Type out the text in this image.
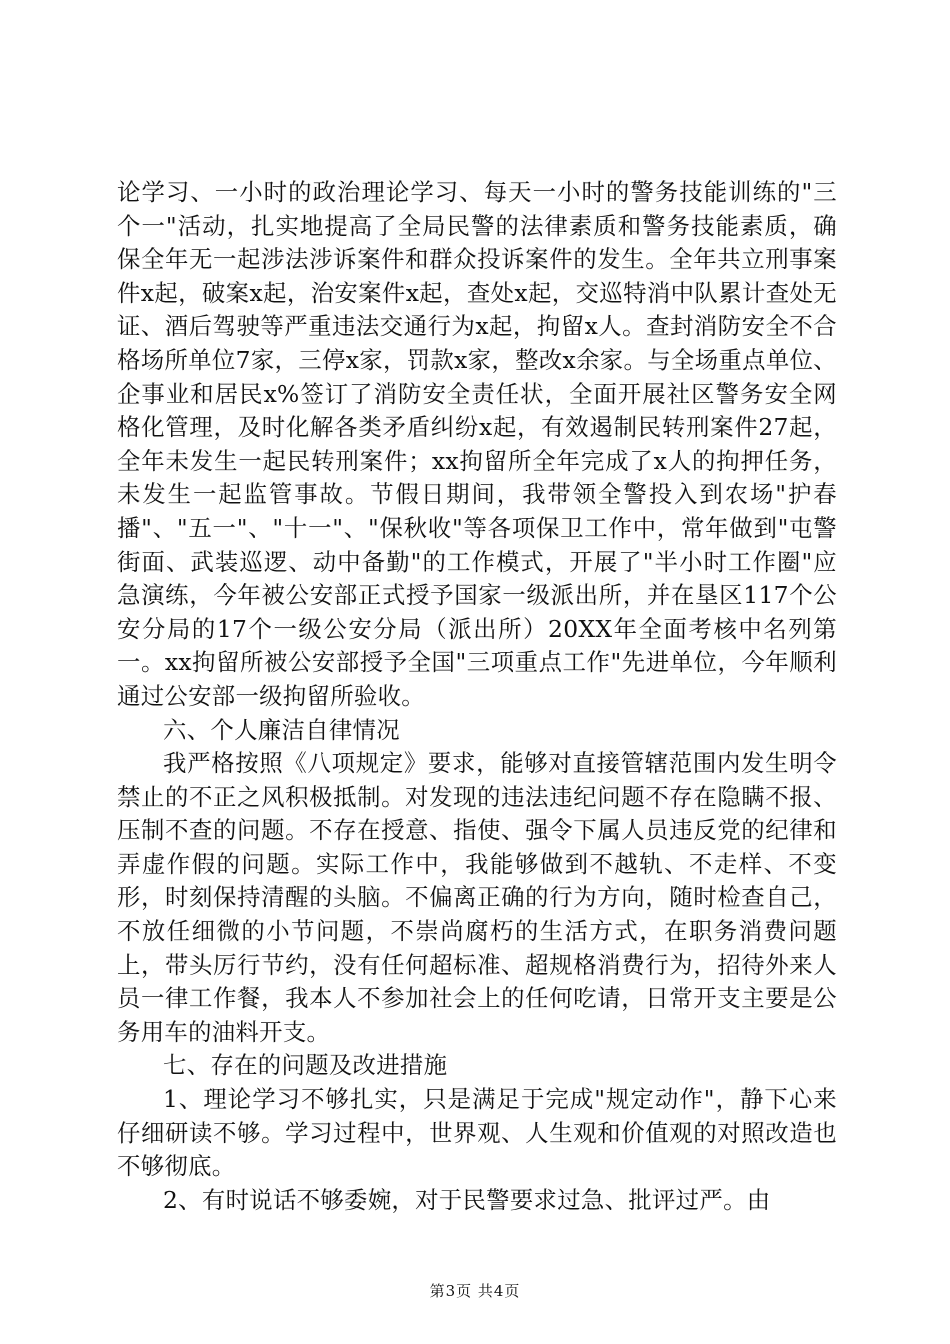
论学习、一小时的政治理论学习、每天一小时的警务技能训练的"三个一"活动，扎实地提高了全局民警的法律素质和警务技能素质，确保全年无一起涉法涉诉案件和群众投诉案件的发生。全年共立刑事案件x起，破案x起，治安案件x起，查处x起，交巡特消中队累计查处无证、酒后驾驶等严重违法交通行为x起，拘留x人。查封消防安全不合格场所单位7家，三停x家，罚款x家，整改x余家。与全场重点单位、企事业和居民x%签订了消防安全责任状，全面开展社区警务安全网格化管理，及时化解各类矛盾纠纷x起，有效遏制民转刑案件27起，全年未发生一起民转刑案件；xx拘留所全年完成了x人的拘押任务，未发生一起监管事故。节假日期间，我带领全警投入到农场"护春播"、"五一"、"十一"、"保秋收"等各项保卫工作中，常年做到"屯警街面、武装巡逻、动中备勤"的工作模式，开展了"半小时工作圈"应急演练，今年被公安部正式授予国家一级派出所，并在垦区117个公安分局的17个一级公安分局（派出所）20XX年全面考核中名列第一。xx拘留所被公安部授予全国"三项重点工作"先进单位，今年顺利通过公安部一级拘留所验收。

六、个人廉洁自律情况

我严格按照《八项规定》要求，能够对直接管辖范围内发生明令禁止的不正之风积极抵制。对发现的违法违纪问题不存在隐瞒不报、压制不查的问题。不存在授意、指使、强令下属人员违反党的纪律和弄虚作假的问题。实际工作中，我能够做到不越轨、不走样、不变形，时刻保持清醒的头脑。不偏离正确的行为方向，随时检查自己，不放任细微的小节问题，不崇尚腐朽的生活方式，在职务消费问题上，带头厉行节约，没有任何超标准、超规格消费行为，招待外来人员一律工作餐，我本人不参加社会上的任何吃请，日常开支主要是公务用车的油料开支。

七、存在的问题及改进措施

1、理论学习不够扎实，只是满足于完成"规定动作"，静下心来仔细研读不够。学习过程中，世界观、人生观和价值观的对照改造也不够彻底。

2、有时说话不够委婉，对于民警要求过急、批评过严。由

第3页 共4页
